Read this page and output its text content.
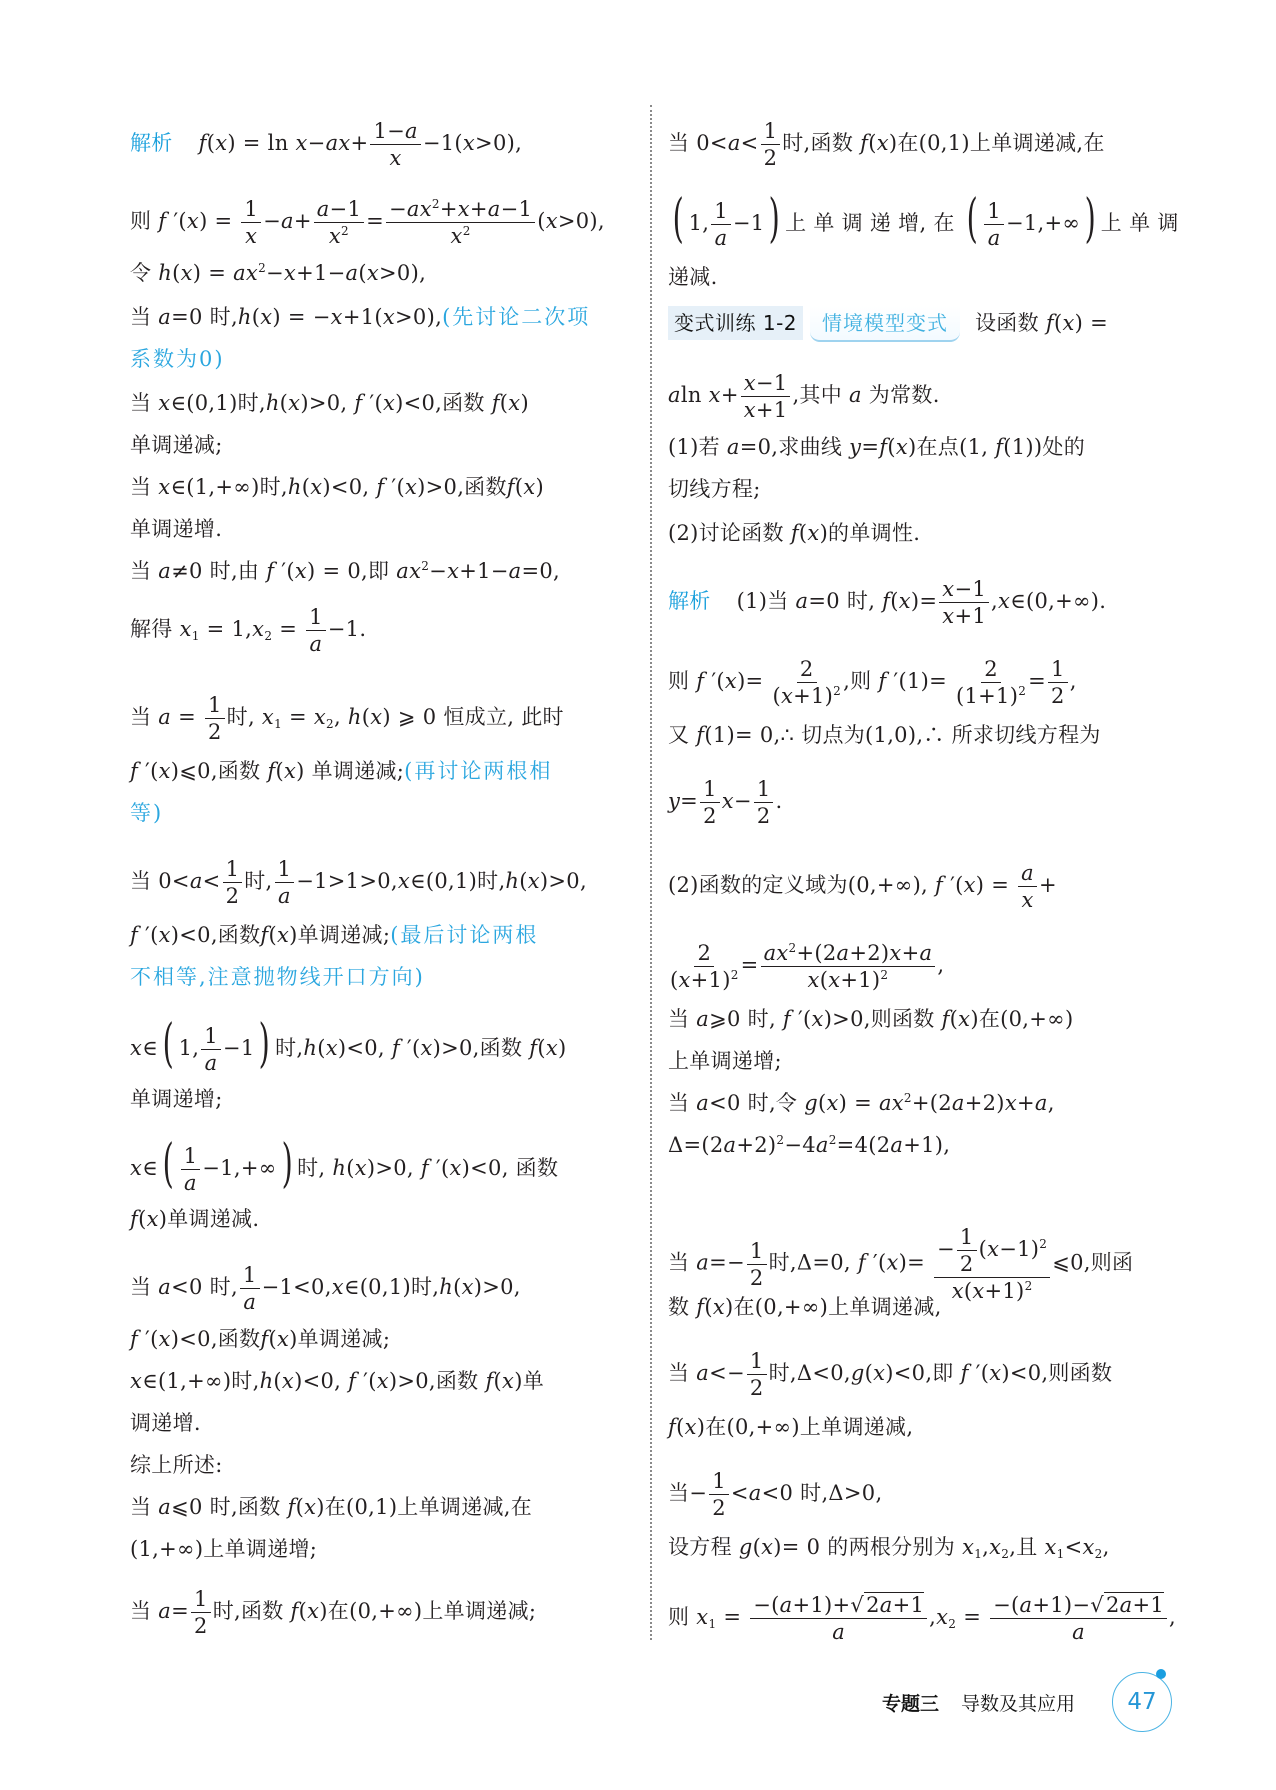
解析 $f(x) = \ln x-ax+ \frac{1-a}{x} -1(x>0)$,
则 f $'(x) = \frac{1}{x} -a+ \frac{a-1}{x^2} = \frac{-ax^2+x+a-1}{x^2} (x>0)$,
令 $h(x) = ax^2-x+1-a(x>0)$,
当 a=0 时,h(x) = −x+1(x>0),(先讨论二次项
系数为0)
当 x∈(0,1)时,h(x)>0, f ′(x)<0,函数 f(x)
单调递减;
当 x∈(1,+∞)时,h(x)<0, f ′(x)>0,函数f(x)
单调递增.
当 a≠0 时,由 f ′(x) = 0,即 $ax^2-x+1-a=0$,
解得 $x_1 = 1,x_2 = \frac{1}{a} -1$.
当 $a = \frac{1}{2}$ 时, $x_1 = x_2$, h(x) ⩾ 0 恒成立, 此时
f ′(x)⩽0,函数 f(x) 单调递减;(再讨论两根相
等)
当 $0<a< \frac{1}{2}$ 时, $\frac{1}{a}$ −1>1>0,x∈(0,1)时,h(x)>0,
f ′(x)<0,函数f(x)单调递减;(最后讨论两根
不相等,注意抛物线开口方向)
x∈( 1, $\frac{1}{a} -1$) 时,h(x)<0, f ′(x)>0,函数 f(x)
单调递增;
x∈( $\frac{1}{a} -1,+\infty$) 时, h(x)>0, f ′(x)<0, 函数
f(x)单调递减.
当 a<0 时, $\frac{1}{a}$ −1<0,x∈(0,1)时,h(x)>0,
f ′(x)<0,函数f(x)单调递减;
x∈(1,+∞)时,h(x)<0, f ′(x)>0,函数 f(x)单
调递增.
综上所述:
当 a⩽0 时,函数 f(x)在(0,1)上单调递减,在
(1,+∞)上单调递增;
当 $a= \frac{1}{2}$ 时,函数 f(x)在(0,+∞)上单调递减;
当 $0<a< \frac{1}{2}$ 时,函数 f(x)在(0,1)上单调递减,在
( 1, $\frac{1}{a} -1$) 上 单 调 递 增, 在 ( $\frac{1}{a} -1,+\infty$) 上 单 调
递减.
变式训练 1-2 情境模型变式 设函数 f(x) =
aln $x+ \frac{x-1}{x+1}$ ,其中 a 为常数.
(1)若 a=0,求曲线 y=f(x)在点(1, f(1))处的
切线方程;
(2)讨论函数 f(x)的单调性.
解析 (1)当 a=0 时, $f(x)= \frac{x-1}{x+1}$ ,x∈(0,+∞).
则 f $'(x)= \frac{2}{(x+1)^2}$ ,则 f $'(1)= \frac{2}{(1+1)^2} = \frac{1}{2}$ ,
又 f(1)= 0,∴ 切点为(1,0),∴ 所求切线方程为
$y= \frac{1}{2} x- \frac{1}{2}$ .
(2)函数的定义域为(0,+∞), f $'(x) = \frac{a}{x}$ +
$\frac{2}{(x+1)^2} = \frac{ax^2+(2a+2)x+a}{x(x+1)^2}$ ,
当 a⩾0 时, f ′(x)>0,则函数 f(x)在(0,+∞)
上单调递增;
当 a<0 时,令 $g(x) = ax^2+(2a+2)x+a$,
$\Delta=(2a+2)^2-4a^2=4(2a+1)$,
当 $a=- \frac{1}{2}$ 时,Δ=0, f $'(x)= \frac{- \frac{1}{2} (x-1)^2}{x(x+1)^2}$ ⩽0,则函
数 f(x)在(0,+∞)上单调递减,
当 $a<- \frac{1}{2}$ 时,Δ<0,g(x)<0,即 f ′(x)<0,则函数
f(x)在(0,+∞)上单调递减,
当− $\frac{1}{2} <a<0$ 时,Δ>0,
设方程 g(x)= 0 的两根分别为 $x_1,x_2$,且 $x_1<x_2$,
则 $x_1 = \frac{-(a+1)+√2a+1}{a} ,x_2 = \frac{-(a+1)-√2a+1}{a}$ ,
专题三 导数及其应用 47
